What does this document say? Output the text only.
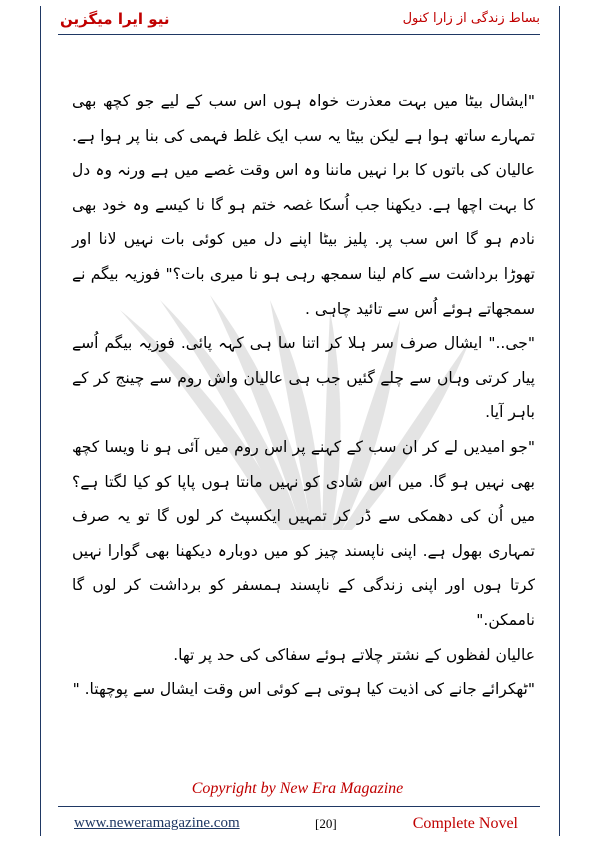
نیو ایرا میگزین	بساط زندگی از زارا کنول

"ایشال بیٹا میں بہت معذرت خواہ ہوں اس سب کے لیے جو کچھ بھی تمہارے ساتھ ہوا ہے لیکن بیٹا یہ سب ایک غلط فہمی کی بنا پر ہوا ہے. عالیان کی باتوں کا برا نہیں ماننا وہ اس وقت غصے میں ہے ورنہ وہ دل کا بہت اچھا ہے. دیکھنا جب اُسکا غصہ ختم ہو گا نا کیسے وہ خود بھی نادم ہو گا اس سب پر. پلیز بیٹا اپنے دل میں کوئی بات نہیں لانا اور تھوڑا برداشت سے کام لینا سمجھ رہی ہو نا میری بات؟" فوزیہ بیگم نے سمجھاتے ہوئے اُس سے تائید چاہی .

"جی.." ایشال صرف سر ہلا کر اتنا سا ہی کہہ پائی. فوزیہ بیگم اُسے پیار کرتی وہاں سے چلے گئیں جب ہی عالیان واش روم سے چینج کر کے باہر آیا.

"جو امیدیں لے کر ان سب کے کہنے پر اس روم میں آئی ہو نا ویسا کچھ بھی نہیں ہو گا. میں اس شادی کو نہیں مانتا ہوں پاپا کو کیا لگتا ہے؟ میں اُن کی دھمکی سے ڈر کر تمہیں ایکسپٹ کر لوں گا تو یہ صرف تمہاری بھول ہے. اپنی ناپسند چیز کو میں دوبارہ دیکھنا بھی گوارا نہیں کرتا ہوں اور اپنی زندگی کے ناپسند ہمسفر کو برداشت کر لوں گا ناممکن."

عالیان لفظوں کے نشتر چلاتے ہوئے سفاکی کی حد پر تھا.

"ٹھکرائے جانے کی اذیت کیا ہوتی ہے کوئی اس وقت ایشال سے پوچھتا. "

Copyright by New Era Magazine
www.neweramagazine.com	[20]	Complete Novel
